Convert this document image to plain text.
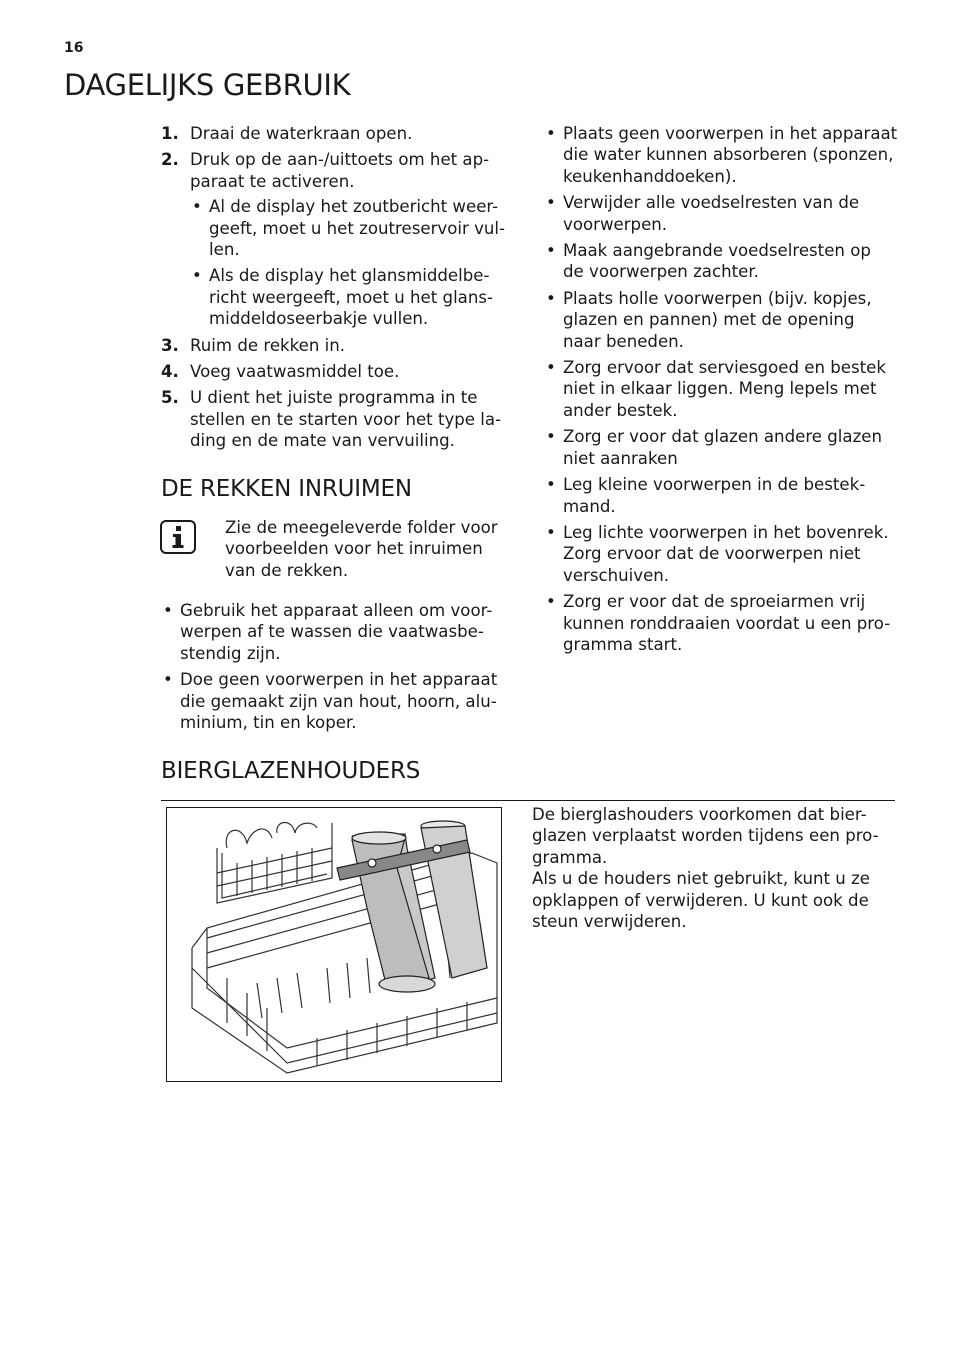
16
DAGELIJKS GEBRUIK
1. Draai de waterkraan open.
2. Druk op de aan-/uittoets om het ap-
paraat te activeren.
• Al de display het zoutbericht weer-
geeft, moet u het zoutreservoir vul-
len.
• Als de display het glansmiddelbe-
richt weergeeft, moet u het glans-
middeldoseerbakje vullen.
3. Ruim de rekken in.
4. Voeg vaatwasmiddel toe.
5. U dient het juiste programma in te
stellen en te starten voor het type la-
ding en de mate van vervuiling.
DE REKKEN INRUIMEN
Zie de meegeleverde folder voor
voorbeelden voor het inruimen
van de rekken.
• Gebruik het apparaat alleen om voor-
werpen af te wassen die vaatwasbe-
stendig zijn.
• Doe geen voorwerpen in het apparaat
die gemaakt zijn van hout, hoorn, alu-
minium, tin en koper.
• Plaats geen voorwerpen in het apparaat
die water kunnen absorberen (sponzen,
keukenhanddoeken).
• Verwijder alle voedselresten van de
voorwerpen.
• Maak aangebrande voedselresten op
de voorwerpen zachter.
• Plaats holle voorwerpen (bijv. kopjes,
glazen en pannen) met de opening
naar beneden.
• Zorg ervoor dat serviesgoed en bestek
niet in elkaar liggen. Meng lepels met
ander bestek.
• Zorg er voor dat glazen andere glazen
niet aanraken
• Leg kleine voorwerpen in de bestek-
mand.
• Leg lichte voorwerpen in het bovenrek.
Zorg ervoor dat de voorwerpen niet
verschuiven.
• Zorg er voor dat de sproeiarmen vrij
kunnen ronddraaien voordat u een pro-
gramma start.
BIERGLAZENHOUDERS
De bierglashouders voorkomen dat bier-
glazen verplaatst worden tijdens een pro-
gramma.
Als u de houders niet gebruikt, kunt u ze
opklappen of verwijderen. U kunt ook de
steun verwijderen.
